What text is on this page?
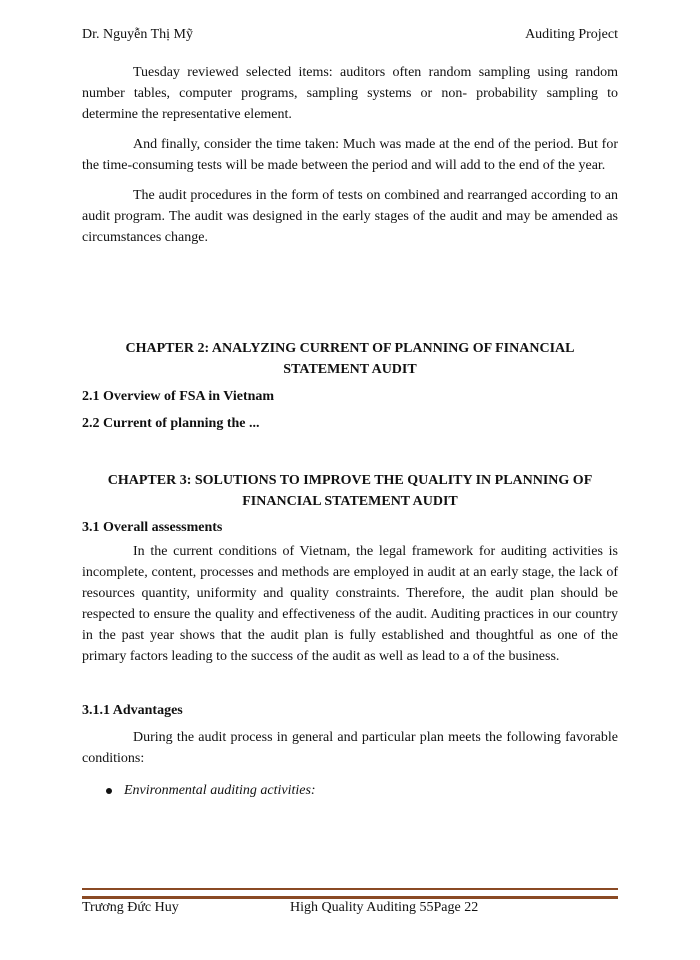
Dr. Nguyễn Thị Mỹ	Auditing Project

Tuesday reviewed selected items: auditors often random sampling using random number tables, computer programs, sampling systems or non- probability sampling to determine the representative element.

And finally, consider the time taken: Much was made at the end of the period. But for the time-consuming tests will be made between the period and will add to the end of the year.

The audit procedures in the form of tests on combined and rearranged according to an audit program. The audit was designed in the early stages of the audit and may be amended as circumstances change.

CHAPTER 2: ANALYZING CURRENT OF PLANNING OF FINANCIAL

STATEMENT AUDIT

2.1 Overview of FSA in Vietnam

2.2 Current of planning the ...

CHAPTER 3: SOLUTIONS TO IMPROVE THE QUALITY IN PLANNING OF

FINANCIAL STATEMENT AUDIT

3.1 Overall assessments

In the current conditions of Vietnam, the legal framework for auditing activities is incomplete, content, processes and methods are employed in audit at an early stage, the lack of resources quantity, uniformity and quality constraints. Therefore, the audit plan should be respected to ensure the quality and effectiveness of the audit. Auditing practices in our country in the past year shows that the audit plan is fully established and thoughtful as one of the primary factors leading to the success of the audit as well as lead to a of the business.

3.1.1 Advantages

During the audit process in general and particular plan meets the following favorable conditions:

Environmental auditing activities:
Trương Đức Huy	High Quality Auditing 55Page 22
